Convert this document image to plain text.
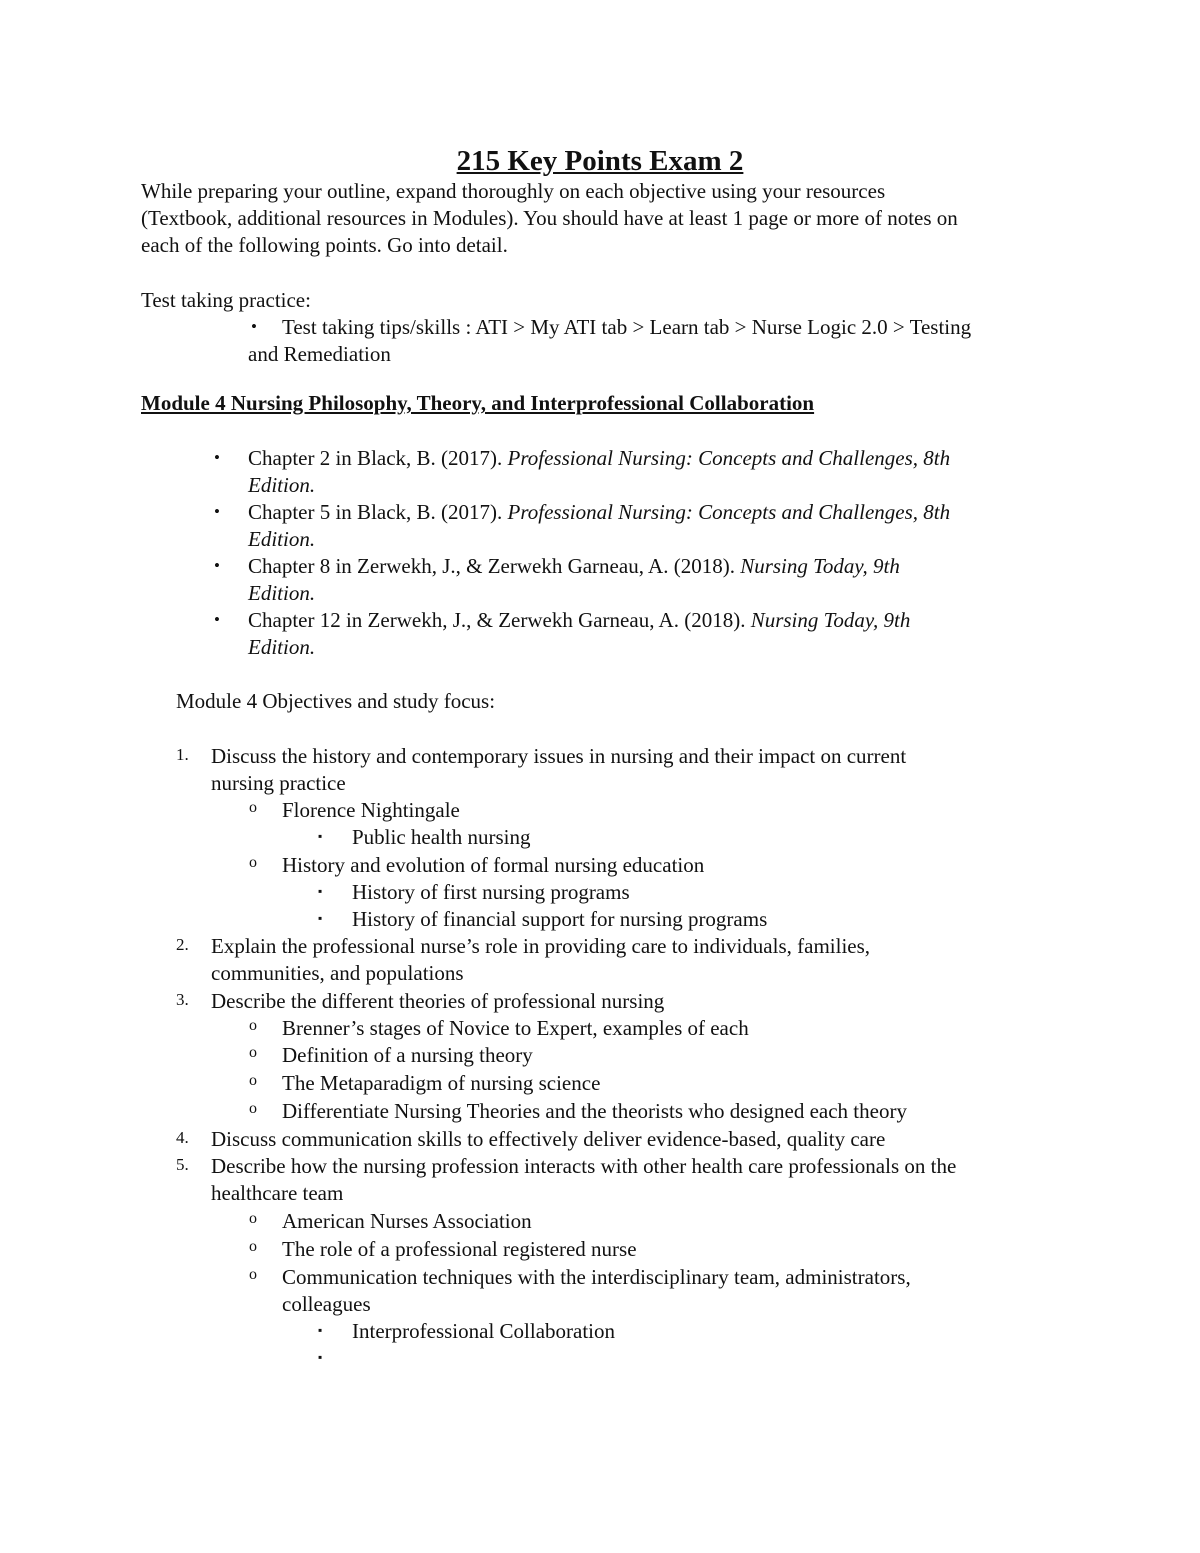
215 Key Points Exam 2
While preparing your outline, expand thoroughly on each objective using your resources
(Textbook, additional resources in Modules). You should have at least 1 page or more of notes on
each of the following points. Go into detail.
Test taking practice:
• Test taking tips/skills : ATI > My ATI tab > Learn tab > Nurse Logic 2.0 > Testing
and Remediation
Module 4 Nursing Philosophy, Theory, and Interprofessional Collaboration
• Chapter 2 in Black, B. (2017). Professional Nursing: Concepts and Challenges, 8th
Edition.
• Chapter 5 in Black, B. (2017). Professional Nursing: Concepts and Challenges, 8th
Edition.
• Chapter 8 in Zerwekh, J., & Zerwekh Garneau, A. (2018). Nursing Today, 9th
Edition.
• Chapter 12 in Zerwekh, J., & Zerwekh Garneau, A. (2018). Nursing Today, 9th
Edition.
Module 4 Objectives and study focus:
1. Discuss the history and contemporary issues in nursing and their impact on current
nursing practice
o Florence Nightingale
▪ Public health nursing
o History and evolution of formal nursing education
▪ History of first nursing programs
▪ History of financial support for nursing programs
2. Explain the professional nurse’s role in providing care to individuals, families,
communities, and populations
3. Describe the different theories of professional nursing
o Brenner’s stages of Novice to Expert, examples of each
o Definition of a nursing theory
o The Metaparadigm of nursing science
o Differentiate Nursing Theories and the theorists who designed each theory
4. Discuss communication skills to effectively deliver evidence-based, quality care
5. Describe how the nursing profession interacts with other health care professionals on the
healthcare team
o American Nurses Association
o The role of a professional registered nurse
o Communication techniques with the interdisciplinary team, administrators,
colleagues
▪ Interprofessional Collaboration
▪
